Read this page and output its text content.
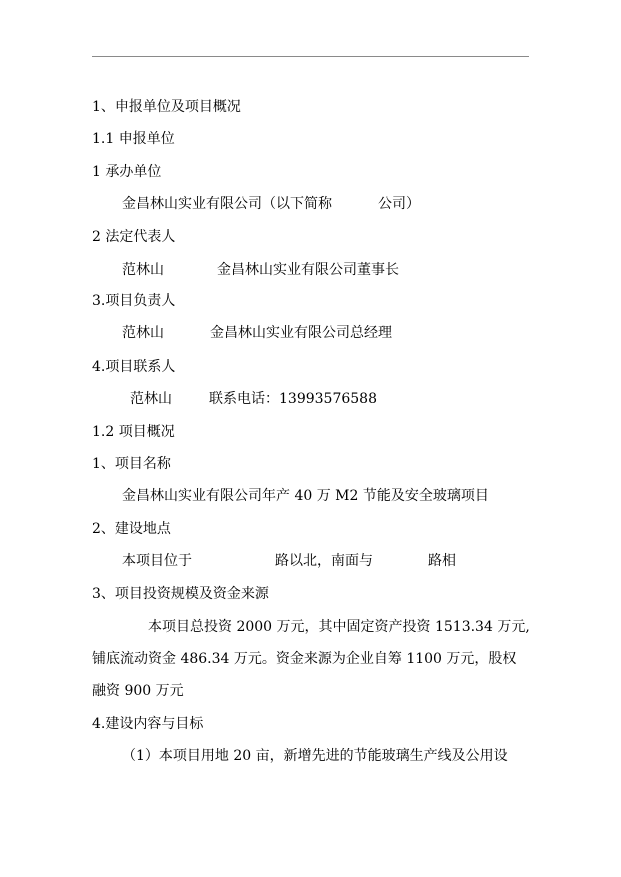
1、申报单位及项目概况
1.1 申报单位
1 承办单位
金昌林山实业有限公司（以下简称	公司）
2 法定代表人
范林山	金昌林山实业有限公司董事长
3.项目负责人
范林山	金昌林山实业有限公司总经理
4.项目联系人
范林山	联系电话：13993576588
1.2 项目概况
1、项目名称
金昌林山实业有限公司年产 40 万 M2 节能及安全玻璃项目
2、建设地点
本项目位于	路以北，南面与	路相
3、项目投资规模及资金来源
本项目总投资 2000 万元，其中固定资产投资 1513.34 万元,
铺底流动资金 486.34 万元。资金来源为企业自筹 1100 万元，股权
融资 900 万元
4.建设内容与目标
（1）本项目用地 20 亩，新增先进的节能玻璃生产线及公用设
